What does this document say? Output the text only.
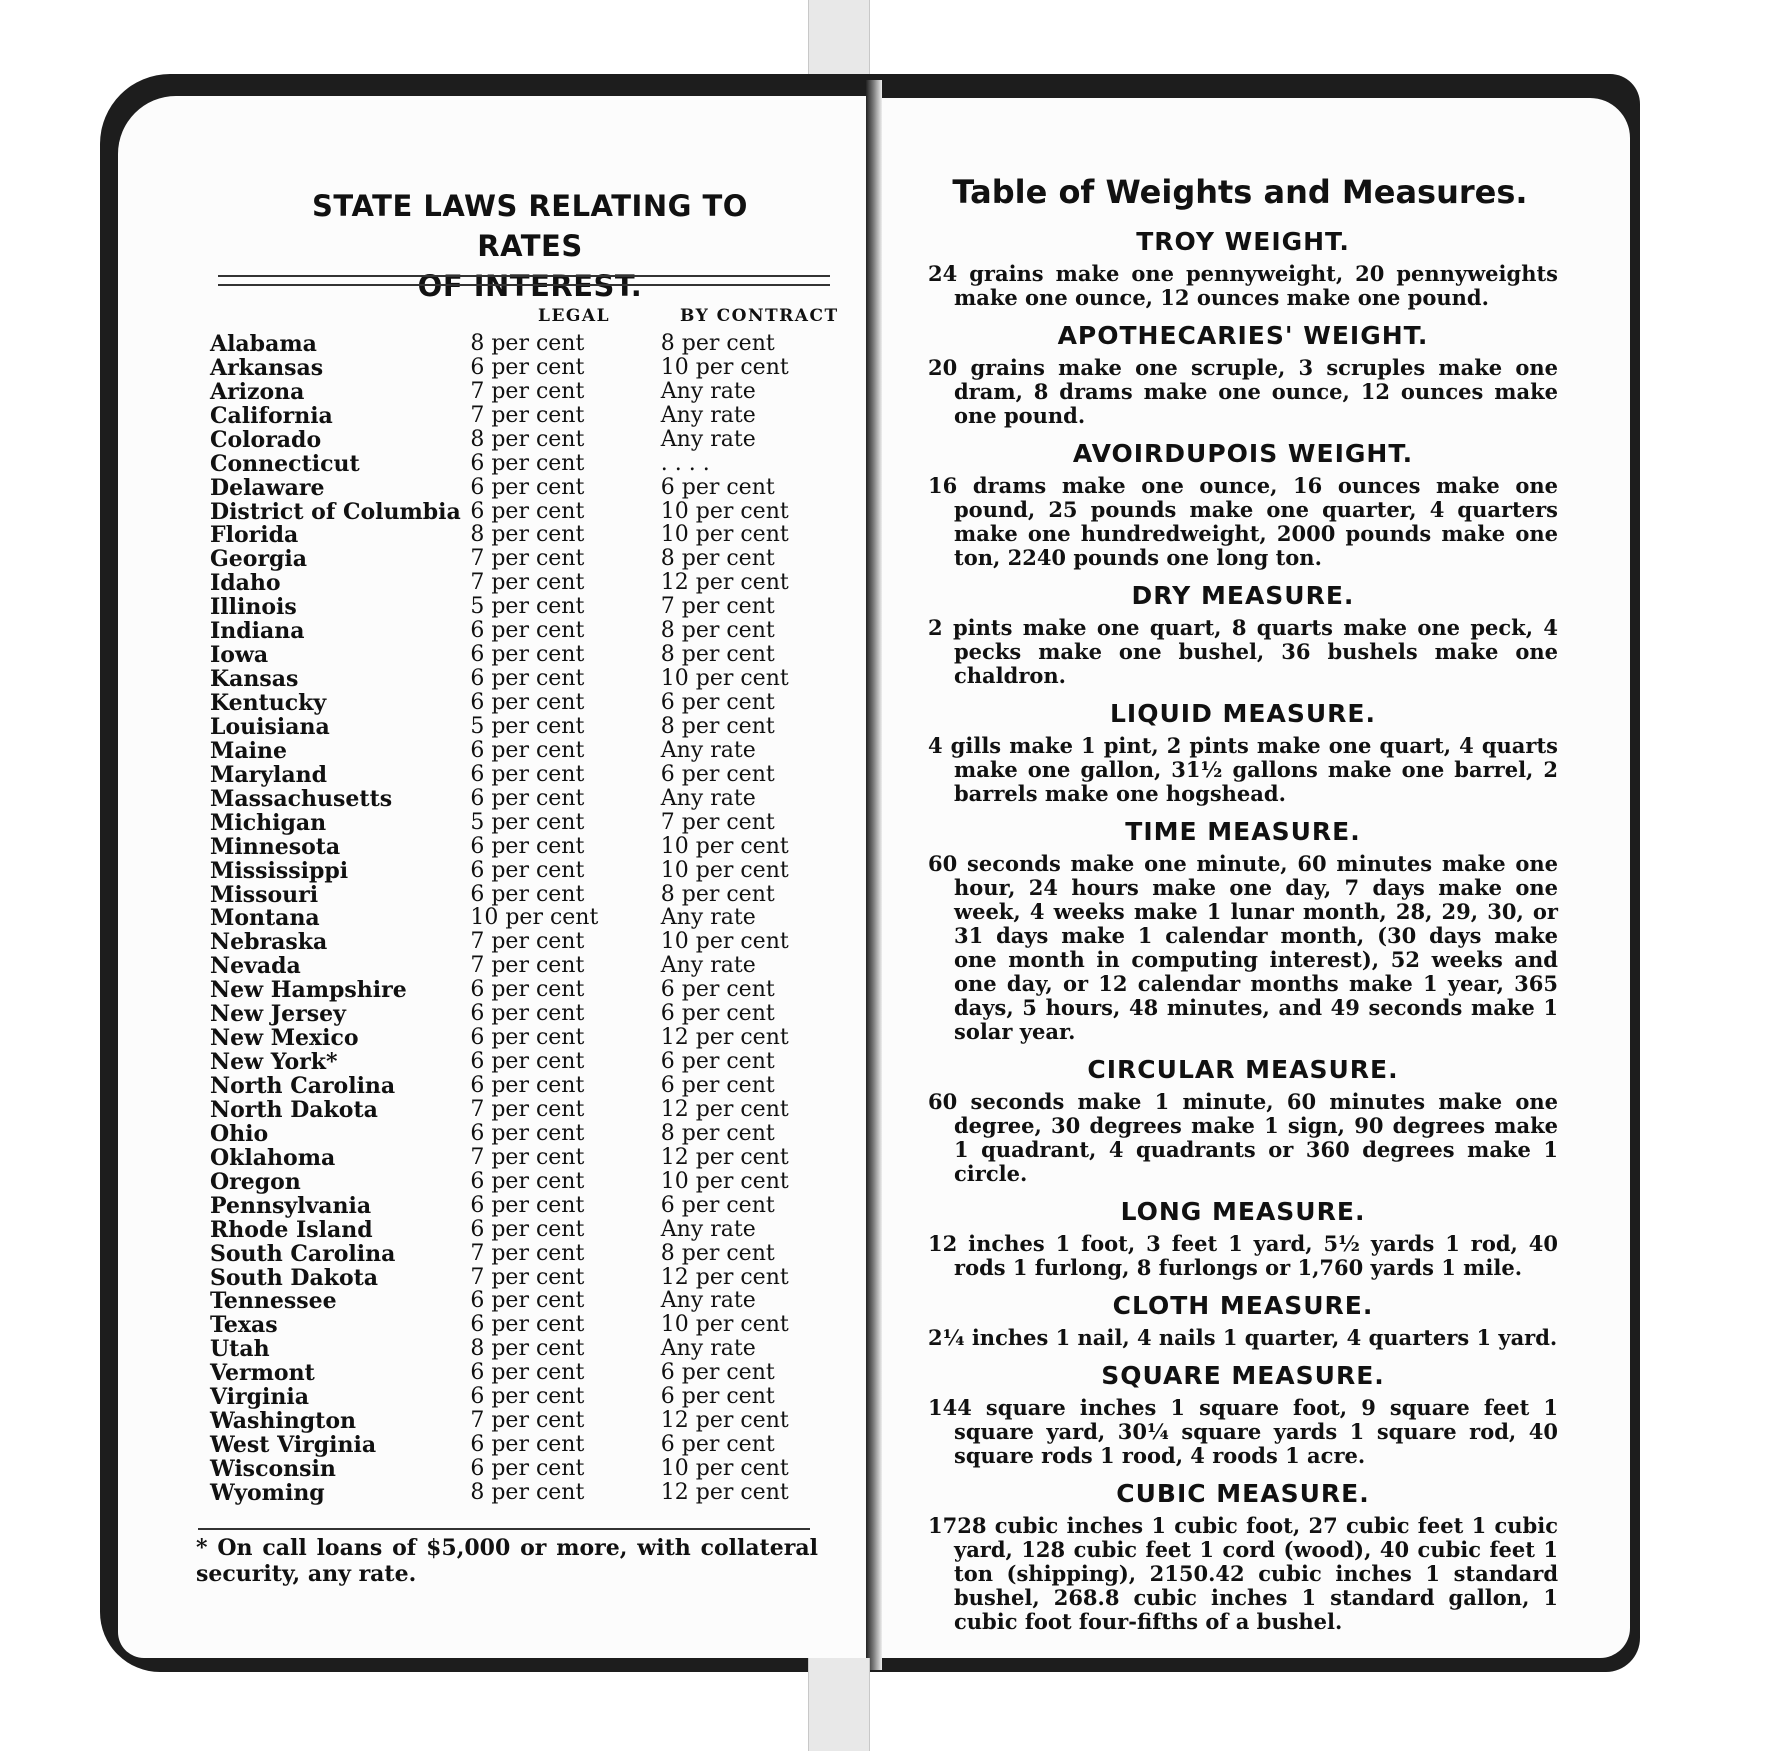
STATE LAWS RELATING TO RATES
OF INTEREST.
LEGAL	BY CONTRACT
Alabama	8 per cent	8 per cent
Arkansas	6 per cent	10 per cent
Arizona	7 per cent	Any rate
California	7 per cent	Any rate
Colorado	8 per cent	Any rate
Connecticut	6 per cent	. . . .
Delaware	6 per cent	6 per cent
District of Columbia	6 per cent	10 per cent
Florida	8 per cent	10 per cent
Georgia	7 per cent	8 per cent
Idaho	7 per cent	12 per cent
Illinois	5 per cent	7 per cent
Indiana	6 per cent	8 per cent
Iowa	6 per cent	8 per cent
Kansas	6 per cent	10 per cent
Kentucky	6 per cent	6 per cent
Louisiana	5 per cent	8 per cent
Maine	6 per cent	Any rate
Maryland	6 per cent	6 per cent
Massachusetts	6 per cent	Any rate
Michigan	5 per cent	7 per cent
Minnesota	6 per cent	10 per cent
Mississippi	6 per cent	10 per cent
Missouri	6 per cent	8 per cent
Montana	10 per cent	Any rate
Nebraska	7 per cent	10 per cent
Nevada	7 per cent	Any rate
New Hampshire	6 per cent	6 per cent
New Jersey	6 per cent	6 per cent
New Mexico	6 per cent	12 per cent
New York*	6 per cent	6 per cent
North Carolina	6 per cent	6 per cent
North Dakota	7 per cent	12 per cent
Ohio	6 per cent	8 per cent
Oklahoma	7 per cent	12 per cent
Oregon	6 per cent	10 per cent
Pennsylvania	6 per cent	6 per cent
Rhode Island	6 per cent	Any rate
South Carolina	7 per cent	8 per cent
South Dakota	7 per cent	12 per cent
Tennessee	6 per cent	Any rate
Texas	6 per cent	10 per cent
Utah	8 per cent	Any rate
Vermont	6 per cent	6 per cent
Virginia	6 per cent	6 per cent
Washington	7 per cent	12 per cent
West Virginia	6 per cent	6 per cent
Wisconsin	6 per cent	10 per cent
Wyoming	8 per cent	12 per cent
* On call loans of $5,000 or more, with collateral security, any rate.
Table of Weights and Measures.
TROY WEIGHT.
24 grains make one pennyweight, 20 pennyweights make one ounce, 12 ounces make one pound.
APOTHECARIES' WEIGHT.
20 grains make one scruple, 3 scruples make one dram, 8 drams make one ounce, 12 ounces make one pound.
AVOIRDUPOIS WEIGHT.
16 drams make one ounce, 16 ounces make one pound, 25 pounds make one quarter, 4 quarters make one hundredweight, 2000 pounds make one ton, 2240 pounds one long ton.
DRY MEASURE.
2 pints make one quart, 8 quarts make one peck, 4 pecks make one bushel, 36 bushels make one chaldron.
LIQUID MEASURE.
4 gills make 1 pint, 2 pints make one quart, 4 quarts make one gallon, 31½ gallons make one barrel, 2 barrels make one hogshead.
TIME MEASURE.
60 seconds make one minute, 60 minutes make one hour, 24 hours make one day, 7 days make one week, 4 weeks make 1 lunar month, 28, 29, 30, or 31 days make 1 calendar month, (30 days make one month in computing interest), 52 weeks and one day, or 12 calendar months make 1 year, 365 days, 5 hours, 48 minutes, and 49 seconds make 1 solar year.
CIRCULAR MEASURE.
60 seconds make 1 minute, 60 minutes make one degree, 30 degrees make 1 sign, 90 degrees make 1 quadrant, 4 quadrants or 360 degrees make 1 circle.
LONG MEASURE.
12 inches 1 foot, 3 feet 1 yard, 5½ yards 1 rod, 40 rods 1 furlong, 8 furlongs or 1,760 yards 1 mile.
CLOTH MEASURE.
2¼ inches 1 nail, 4 nails 1 quarter, 4 quarters 1 yard.
SQUARE MEASURE.
144 square inches 1 square foot, 9 square feet 1 square yard, 30¼ square yards 1 square rod, 40 square rods 1 rood, 4 roods 1 acre.
CUBIC MEASURE.
1728 cubic inches 1 cubic foot, 27 cubic feet 1 cubic yard, 128 cubic feet 1 cord (wood), 40 cubic feet 1 ton (shipping), 2150.42 cubic inches 1 standard bushel, 268.8 cubic inches 1 standard gallon, 1 cubic foot four-fifths of a bushel.
